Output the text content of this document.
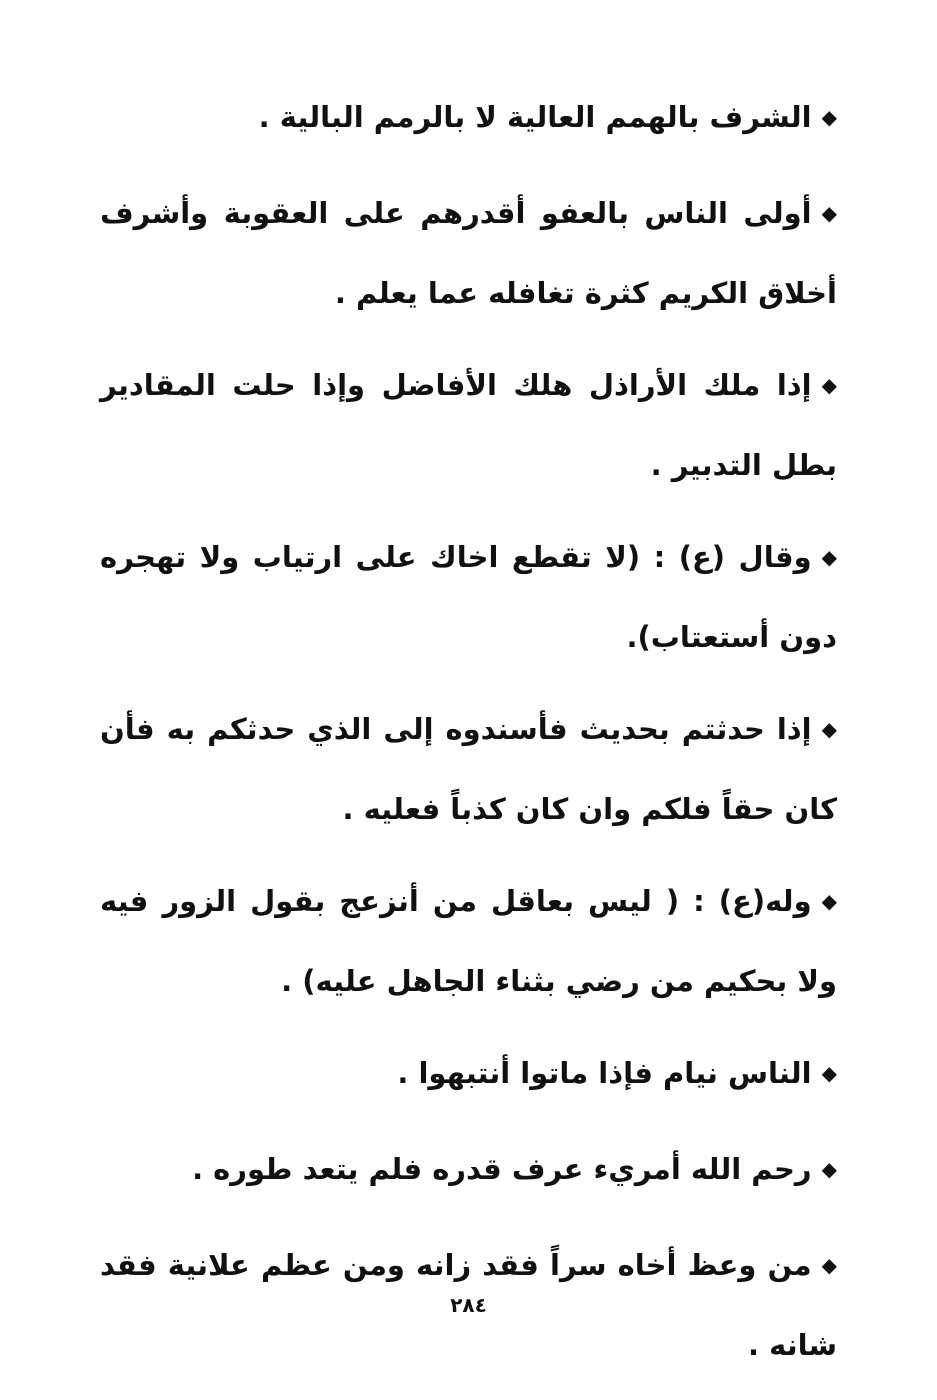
◆الشرف بالهمم العالية لا بالرمم البالية .

◆أولى الناس بالعفو أقدرهم على العقوبة وأشرف أخلاق الكريم كثرة تغافله عما يعلم .

◆إذا ملك الأراذل هلك الأفاضل وإذا حلت المقادير بطل التدبير .

◆وقال (ع) : (لا تقطع اخاك على ارتياب ولا تهجره دون أستعتاب).

◆إذا حدثتم بحديث فأسندوه إلى الذي حدثكم به فأن كان حقاً فلكم وان كان كذباً فعليه .

◆وله(ع) : ( ليس بعاقل من أنزعج بقول الزور فيه ولا بحكيم من رضي بثناء الجاهل عليه) .

◆الناس نيام فإذا ماتوا أنتبهوا .

◆رحم الله أمريء عرف قدره فلم يتعد طوره .

◆من وعظ أخاه سراً فقد زانه ومن عظم علانية فقد شانه .

٢٨٤
